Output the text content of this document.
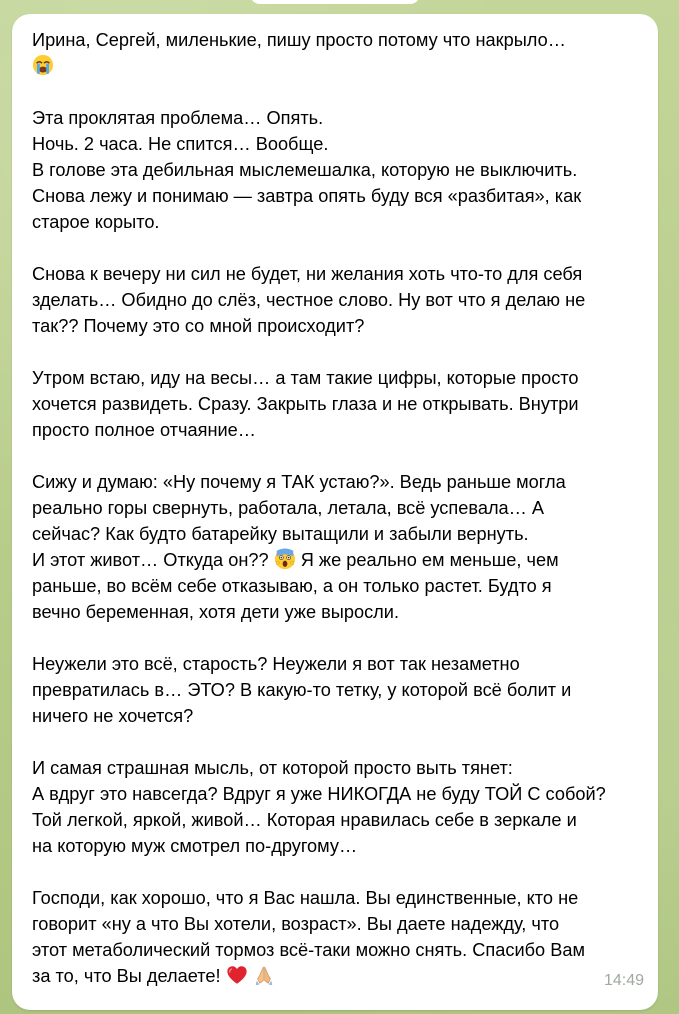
Ирина, Сергей, миленькие, пишу просто потому что накрыло…
Эта проклятая проблема… Опять.
Ночь. 2 часа. Не спится… Вообще.
В голове эта дебильная мыслемешалка, которую не выключить.
Снова лежу и понимаю — завтра опять буду вся «разбитая», как
старое корыто.
Снова к вечеру ни сил не будет, ни желания хоть что-то для себя
зделать… Обидно до слёз, честное слово. Ну вот что я делаю не
так?? Почему это со мной происходит?
Утром встаю, иду на весы… а там такие цифры, которые просто
хочется развидеть. Сразу. Закрыть глаза и не открывать. Внутри
просто полное отчаяние…
Сижу и думаю: «Ну почему я ТАК устаю?». Ведь раньше могла
реально горы свернуть, работала, летала, всё успевала… А
сейчас? Как будто батарейку вытащили и забыли вернуть.
И этот живот… Откуда он??
Я же реально ем меньше, чем
раньше, во всём себе отказываю, а он только растет. Будто я
вечно беременная, хотя дети уже выросли.
Неужели это всё, старость? Неужели я вот так незаметно
превратилась в… ЭТО? В какую-то тетку, у которой всё болит и
ничего не хочется?
И самая страшная мысль, от которой просто выть тянет:
А вдруг это навсегда? Вдруг я уже НИКОГДА не буду ТОЙ С собой?
Той легкой, яркой, живой… Которая нравилась себе в зеркале и
на которую муж смотрел по-другому…
Господи, как хорошо, что я Вас нашла. Вы единственные, кто не
говорит «ну а что Вы хотели, возраст». Вы даете надежду, что
этот метаболический тормоз всё-таки можно снять. Спасибо Вам
за то, что Вы делаете!
	14:49
